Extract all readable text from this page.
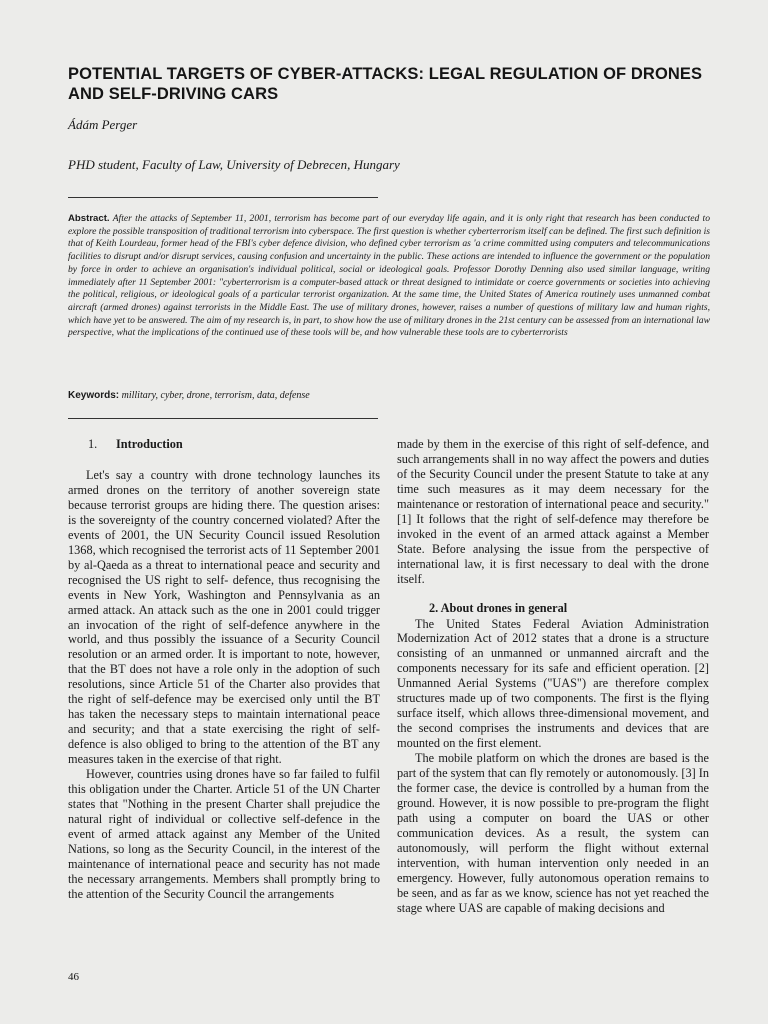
POTENTIAL TARGETS OF CYBER-ATTACKS: LEGAL REGULATION OF DRONES AND SELF-DRIVING CARS
Ádám Perger
PHD student, Faculty of Law, University of Debrecen, Hungary

Abstract. After the attacks of September 11, 2001, terrorism has become part of our everyday life again, and it is only right that research has been conducted to explore the possible transposition of traditional terrorism into cyberspace. The first question is whether cyberterrorism itself can be defined. The first such definition is that of Keith Lourdeau, former head of the FBI's cyber defence division, who defined cyber terrorism as 'a crime committed using computers and telecommunications facilities to disrupt and/or disrupt services, causing confusion and uncertainty in the public. These actions are intended to influence the government or the population by force in order to achieve an organisation's individual political, social or ideological goals. Professor Dorothy Denning also used similar language, writing immediately after 11 September 2001: "cyberterrorism is a computer-based attack or threat designed to intimidate or coerce governments or societies into achieving the political, religious, or ideological goals of a particular terrorist organization. At the same time, the United States of America routinely uses unmanned combat aircraft (armed drones) against terrorists in the Middle East. The use of military drones, however, raises a number of questions of military law and human rights, which have yet to be answered. The aim of my research is, in part, to show how the use of military drones in the 21st century can be assessed from an international law perspective, what the implications of the continued use of these tools will be, and how vulnerable these tools are to cyberterrorists

Keywords: millitary, cyber, drone, terrorism, data, defense

1. Introduction

Let's say a country with drone technology launches its armed drones on the territory of another sovereign state because terrorist groups are hiding there. The question arises: is the sovereignty of the country concerned violated? After the events of 2001, the UN Security Council issued Resolution 1368, which recognised the terrorist acts of 11 September 2001 by al-Qaeda as a threat to international peace and security and recognised the US right to self- defence, thus recognising the events in New York, Washington and Pennsylvania as an armed attack. An attack such as the one in 2001 could trigger an invocation of the right of self-defence anywhere in the world, and thus possibly the issuance of a Security Council resolution or an armed order. It is important to note, however, that the BT does not have a role only in the adoption of such resolutions, since Article 51 of the Charter also provides that the right of self-defence may be exercised only until the BT has taken the necessary steps to maintain international peace and security; and that a state exercising the right of self-defence is also obliged to bring to the attention of the BT any measures taken in the exercise of that right.

However, countries using drones have so far failed to fulfil this obligation under the Charter. Article 51 of the UN Charter states that "Nothing in the present Charter shall prejudice the natural right of individual or collective self-defence in the event of armed attack against any Member of the United Nations, so long as the Security Council, in the interest of the maintenance of international peace and security has not made the necessary arrangements. Members shall promptly bring to the attention of the Security Council the arrangements

made by them in the exercise of this right of self-defence, and such arrangements shall in no way affect the powers and duties of the Security Council under the present Statute to take at any time such measures as it may deem necessary for the maintenance or restoration of international peace and security." [1] It follows that the right of self-defence may therefore be invoked in the event of an armed attack against a Member State. Before analysing the issue from the perspective of international law, it is first necessary to deal with the drone itself.

2. About drones in general

The United States Federal Aviation Administration Modernization Act of 2012 states that a drone is a structure consisting of an unmanned or unmanned aircraft and the components necessary for its safe and efficient operation. [2] Unmanned Aerial Systems ("UAS") are therefore complex structures made up of two components. The first is the flying surface itself, which allows three-dimensional movement, and the second comprises the instruments and devices that are mounted on the first element.

The mobile platform on which the drones are based is the part of the system that can fly remotely or autonomously. [3] In the former case, the device is controlled by a human from the ground. However, it is now possible to pre-program the flight path using a computer on board the UAS or other communication devices. As a result, the system can autonomously, will perform the flight without external intervention, with human intervention only needed in an emergency. However, fully autonomous operation remains to be seen, and as far as we know, science has not yet reached the stage where UAS are capable of making decisions and

46
